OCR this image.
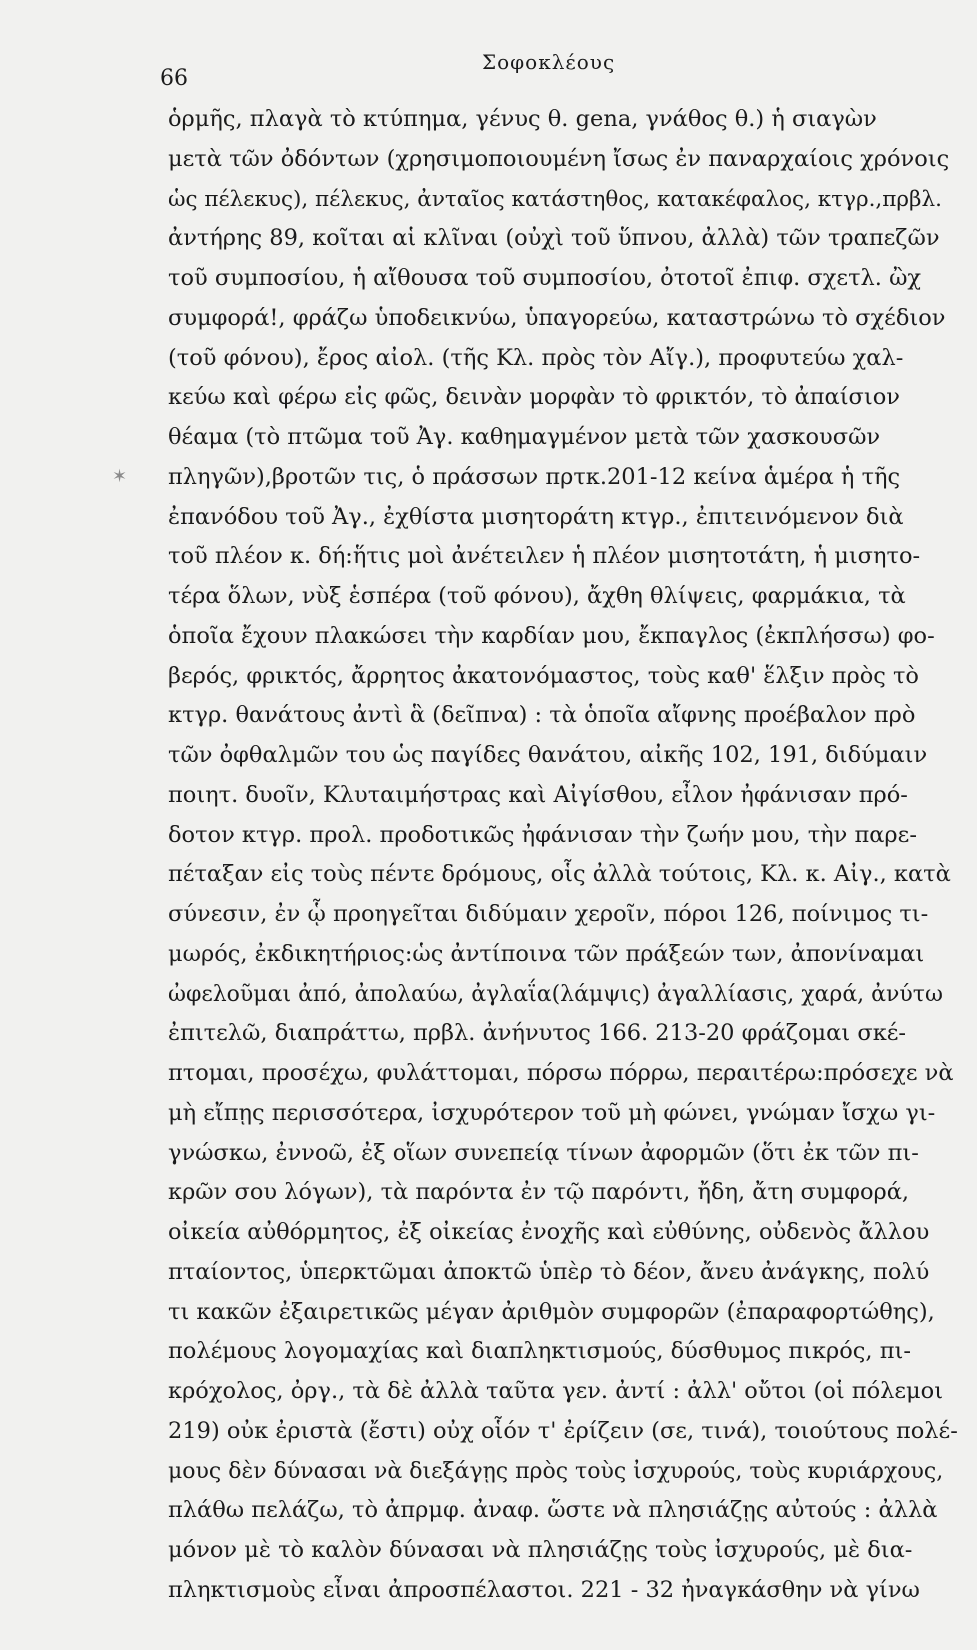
66
Σοφοκλέους
ὁρμῆς, πλαγὰ τὸ κτύπημα, γένυς θ. gena, γνάθος θ.) ἡ σιαγὼν
μετὰ τῶν ὀδόντων (χρησιμοποιουμένη ἴσως ἐν παναρχαίοις χρόνοις
ὡς πέλεκυς), πέλεκυς, ἀνταῖος κατάστηθος, κατακέφαλος, κτγρ.,πρβλ.
ἀντήρης 89, κοῖται αἱ κλῖναι (οὐχὶ τοῦ ὕπνου, ἀλλὰ) τῶν τραπεζῶν
τοῦ συμποσίου, ἡ αἴθουσα τοῦ συμποσίου, ὀτοτοῖ ἐπιφ. σχετλ. ὢχ
συμφορά!, φράζω ὑποδεικνύω, ὑπαγορεύω, καταστρώνω τὸ σχέδιον
(τοῦ φόνου), ἔρος αἰολ. (τῆς Κλ. πρὸς τὸν Αἴγ.), προφυτεύω χαλ-
κεύω καὶ φέρω εἰς φῶς, δεινὰν μορφὰν τὸ φρικτόν, τὸ ἀπαίσιον
θέαμα (τὸ πτῶμα τοῦ Ἀγ. καθημαγμένον μετὰ τῶν χασκουσῶν
πληγῶν),βροτῶν τις, ὁ πράσσων πρτκ.201-12 κείνα ἁμέρα ἡ τῆς
ἐπανόδου τοῦ Ἀγ., ἐχθίστα μισητοράτη κτγρ., ἐπιτεινόμενον διὰ
τοῦ πλέον κ. δή:ἥτις μοὶ ἀνέτειλεν ἡ πλέον μισητοτάτη, ἡ μισητο-
τέρα ὅλων, νὺξ ἑσπέρα (τοῦ φόνου), ἄχθη θλίψεις, φαρμάκια, τὰ
ὁποῖα ἔχουν πλακώσει τὴν καρδίαν μου, ἔκπαγλος (ἐκπλήσσω) φο-
βερός, φρικτός, ἄρρητος ἀκατονόμαστος, τοὺς καθ' ἕλξιν πρὸς τὸ
κτγρ. θανάτους ἀντὶ ἃ (δεῖπνα) : τὰ ὁποῖα αἴφνης προέβαλον πρὸ
τῶν ὀφθαλμῶν του ὡς παγίδες θανάτου, αἰκῆς 102, 191, διδύμαιν
ποιητ. δυοῖν, Κλυταιμήστρας καὶ Αἰγίσθου, εἶλον ἠφάνισαν πρό-
δοτον κτγρ. προλ. προδοτικῶς ἠφάνισαν τὴν ζωήν μου, τὴν παρε-
πέταξαν εἰς τοὺς πέντε δρόμους, οἷς ἀλλὰ τούτοις, Κλ. κ. Αἰγ., κατὰ
σύνεσιν, ἐν ᾧ προηγεῖται διδύμαιν χεροῖν, πόροι 126, ποίνιμος τι-
μωρός, ἐκδικητήριος:ὡς ἀντίποινα τῶν πράξεών των, ἀπονίναμαι
ὠφελοῦμαι ἀπό, ἀπολαύω, ἀγλαΐα(λάμψις) ἀγαλλίασις, χαρά, ἀνύτω
ἐπιτελῶ, διαπράττω, πρβλ. ἀνήνυτος 166. 213-20 φράζομαι σκέ-
πτομαι, προσέχω, φυλάττομαι, πόρσω πόρρω, περαιτέρω:πρόσεχε νὰ
μὴ εἴπῃς περισσότερα, ἰσχυρότερον τοῦ μὴ φώνει, γνώμαν ἴσχω γι-
γνώσκω, ἐννοῶ, ἐξ οἵων συνεπείᾳ τίνων ἀφορμῶν (ὅτι ἐκ τῶν πι-
κρῶν σου λόγων), τὰ παρόντα ἐν τῷ παρόντι, ἤδη, ἄτη συμφορά,
οἰκεία αὐθόρμητος, ἐξ οἰκείας ἐνοχῆς καὶ εὐθύνης, οὐδενὸς ἄλλου
πταίοντος, ὑπερκτῶμαι ἀποκτῶ ὑπὲρ τὸ δέον, ἄνευ ἀνάγκης, πολύ
τι κακῶν ἐξαιρετικῶς μέγαν ἀριθμὸν συμφορῶν (ἐπαραφορτώθης),
πολέμους λογομαχίας καὶ διαπληκτισμούς, δύσθυμος πικρός, πι-
κρόχολος, ὀργ., τὰ δὲ ἀλλὰ ταῦτα γεν. ἀντί : ἀλλ' οὔτοι (οἱ πόλεμοι
219) οὐκ ἐριστὰ (ἔστι) οὐχ οἷόν τ' ἐρίζειν (σε, τινά), τοιούτους πολέ-
μους δὲν δύνασαι νὰ διεξάγῃς πρὸς τοὺς ἰσχυρούς, τοὺς κυριάρχους,
πλάθω πελάζω, τὸ ἀπρμφ. ἀναφ. ὥστε νὰ πλησιάζῃς αὐτούς : ἀλλὰ
μόνον μὲ τὸ καλὸν δύνασαι νὰ πλησιάζῃς τοὺς ἰσχυρούς, μὲ δια-
πληκτισμοὺς εἶναι ἀπροσπέλαστοι. 221 - 32 ἠναγκάσθην νὰ γίνω
✶
